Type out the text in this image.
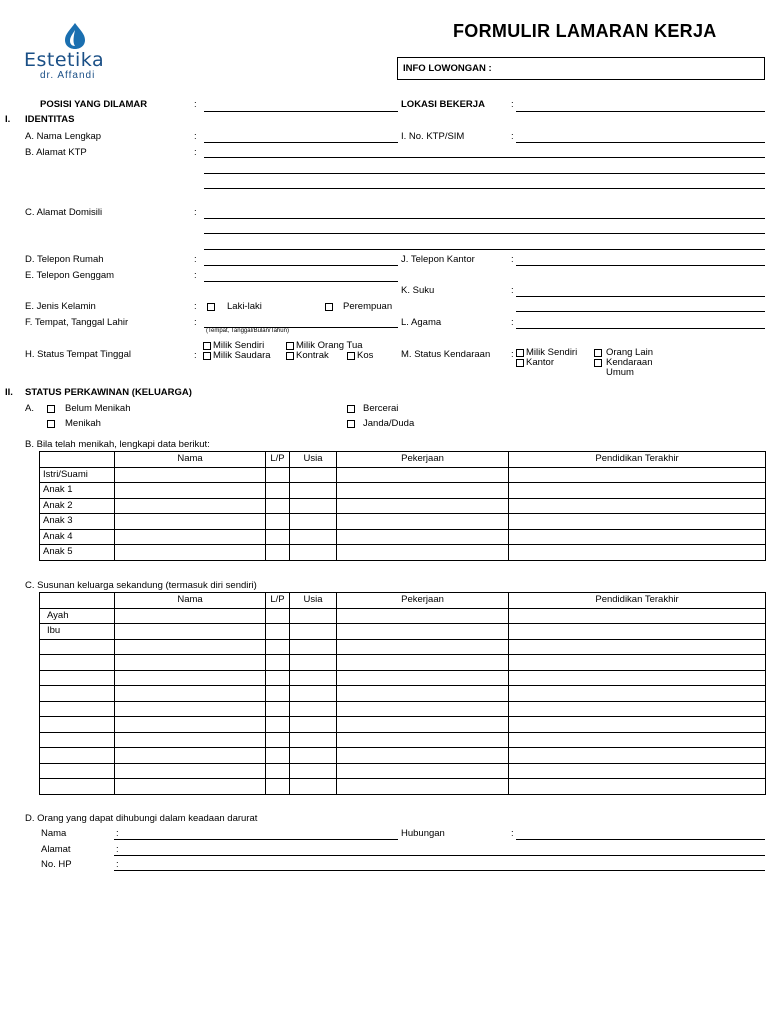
Estetika
dr. Affandi
FORMULIR LAMARAN KERJA
INFO LOWONGAN :
POSISI YANG DILAMAR	:	LOKASI BEKERJA	:
I. IDENTITAS
A. Nama Lengkap	:	I. No. KTP/SIM	:
B. Alamat KTP	:
C. Alamat Domisili	:
D. Telepon Rumah	:	J. Telepon Kantor	:
E. Telepon Genggam	:
K. Suku	:
E. Jenis Kelamin	:	Laki-laki	Perempuan
F. Tempat, Tanggal Lahir	:
(Tempat, Tanggal/Bulan/Tahun)
L. Agama	:
H. Status Tempat Tinggal	:
Milik Sendiri	Milik Orang Tua
Milik Saudara	Kontrak	Kos	M. Status Kendaraan : Milik Sendiri
Kantor
Orang Lain
Kendaraan
Umum
II. STATUS PERKAWINAN (KELUARGA)
A.	Belum Menikah	Bercerai
Menikah	Janda/Duda
B. Bila telah menikah, lengkapi data berikut:
	Nama	L/P	Usia	Pekerjaan	Pendidikan Terakhir
Istri/Suami					
Anak 1					
Anak 2					
Anak 3					
Anak 4					
Anak 5					
C. Susunan keluarga sekandung (termasuk diri sendiri)
	Nama	L/P	Usia	Pekerjaan	Pendidikan Terakhir
Ayah					
Ibu					

D. Orang yang dapat dihubungi dalam keadaan darurat
Nama	:	Hubungan	:
Alamat	:
No. HP	:
